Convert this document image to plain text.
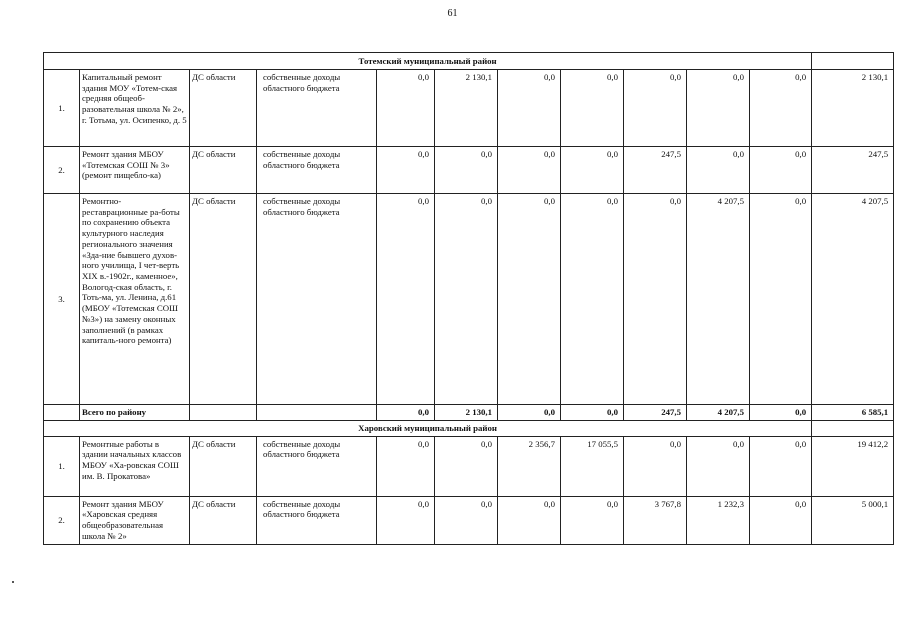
61
Тотемский муниципальный район											
1.	Капитальный ремонт здания МОУ «Тотем-ская средняя общеоб-разовательная школа № 2», г. Тотьма, ул. Осипенко, д. 5	ДС области	собственные доходы областного бюджета	0,0	2 130,1	0,0	0,0	0,0	0,0	0,0	2 130,1
2.	Ремонт здания МБОУ «Тотемская СОШ № 3» (ремонт пищебло-ка)	ДС области	собственные доходы областного бюджета	0,0	0,0	0,0	0,0	247,5	0,0	0,0	247,5
3.	Ремонтно-реставрационные ра-боты по сохранению объекта культурного наследия регионального значения «Зда-ние бывшего духов-ного училища, I чет-верть XIX в.-1902г., каменное», Вологод-ская область, г. Тоть-ма, ул. Ленина, д.61 (МБОУ «Тотемская СОШ №3») на замену оконных заполнений (в рамках капиталь-ного ремонта)	ДС области	собственные доходы областного бюджета	0,0	0,0	0,0	0,0	0,0	4 207,5	0,0	4 207,5
	Всего по району			0,0	2 130,1	0,0	0,0	247,5	4 207,5	0,0	6 585,1
Харовский муниципальный район											
1.	Ремонтные работы в здании начальных классов МБОУ «Ха-ровская СОШ им. В. Прокатова»	ДС области	собственные доходы областного бюджета	0,0	0,0	2 356,7	17 055,5	0,0	0,0	0,0	19 412,2
2.	Ремонт здания МБОУ «Харовская средняя общеобразовательная школа № 2»	ДС области	собственные доходы областного бюджета	0,0	0,0	0,0	0,0	3 767,8	1 232,3	0,0	5 000,1
